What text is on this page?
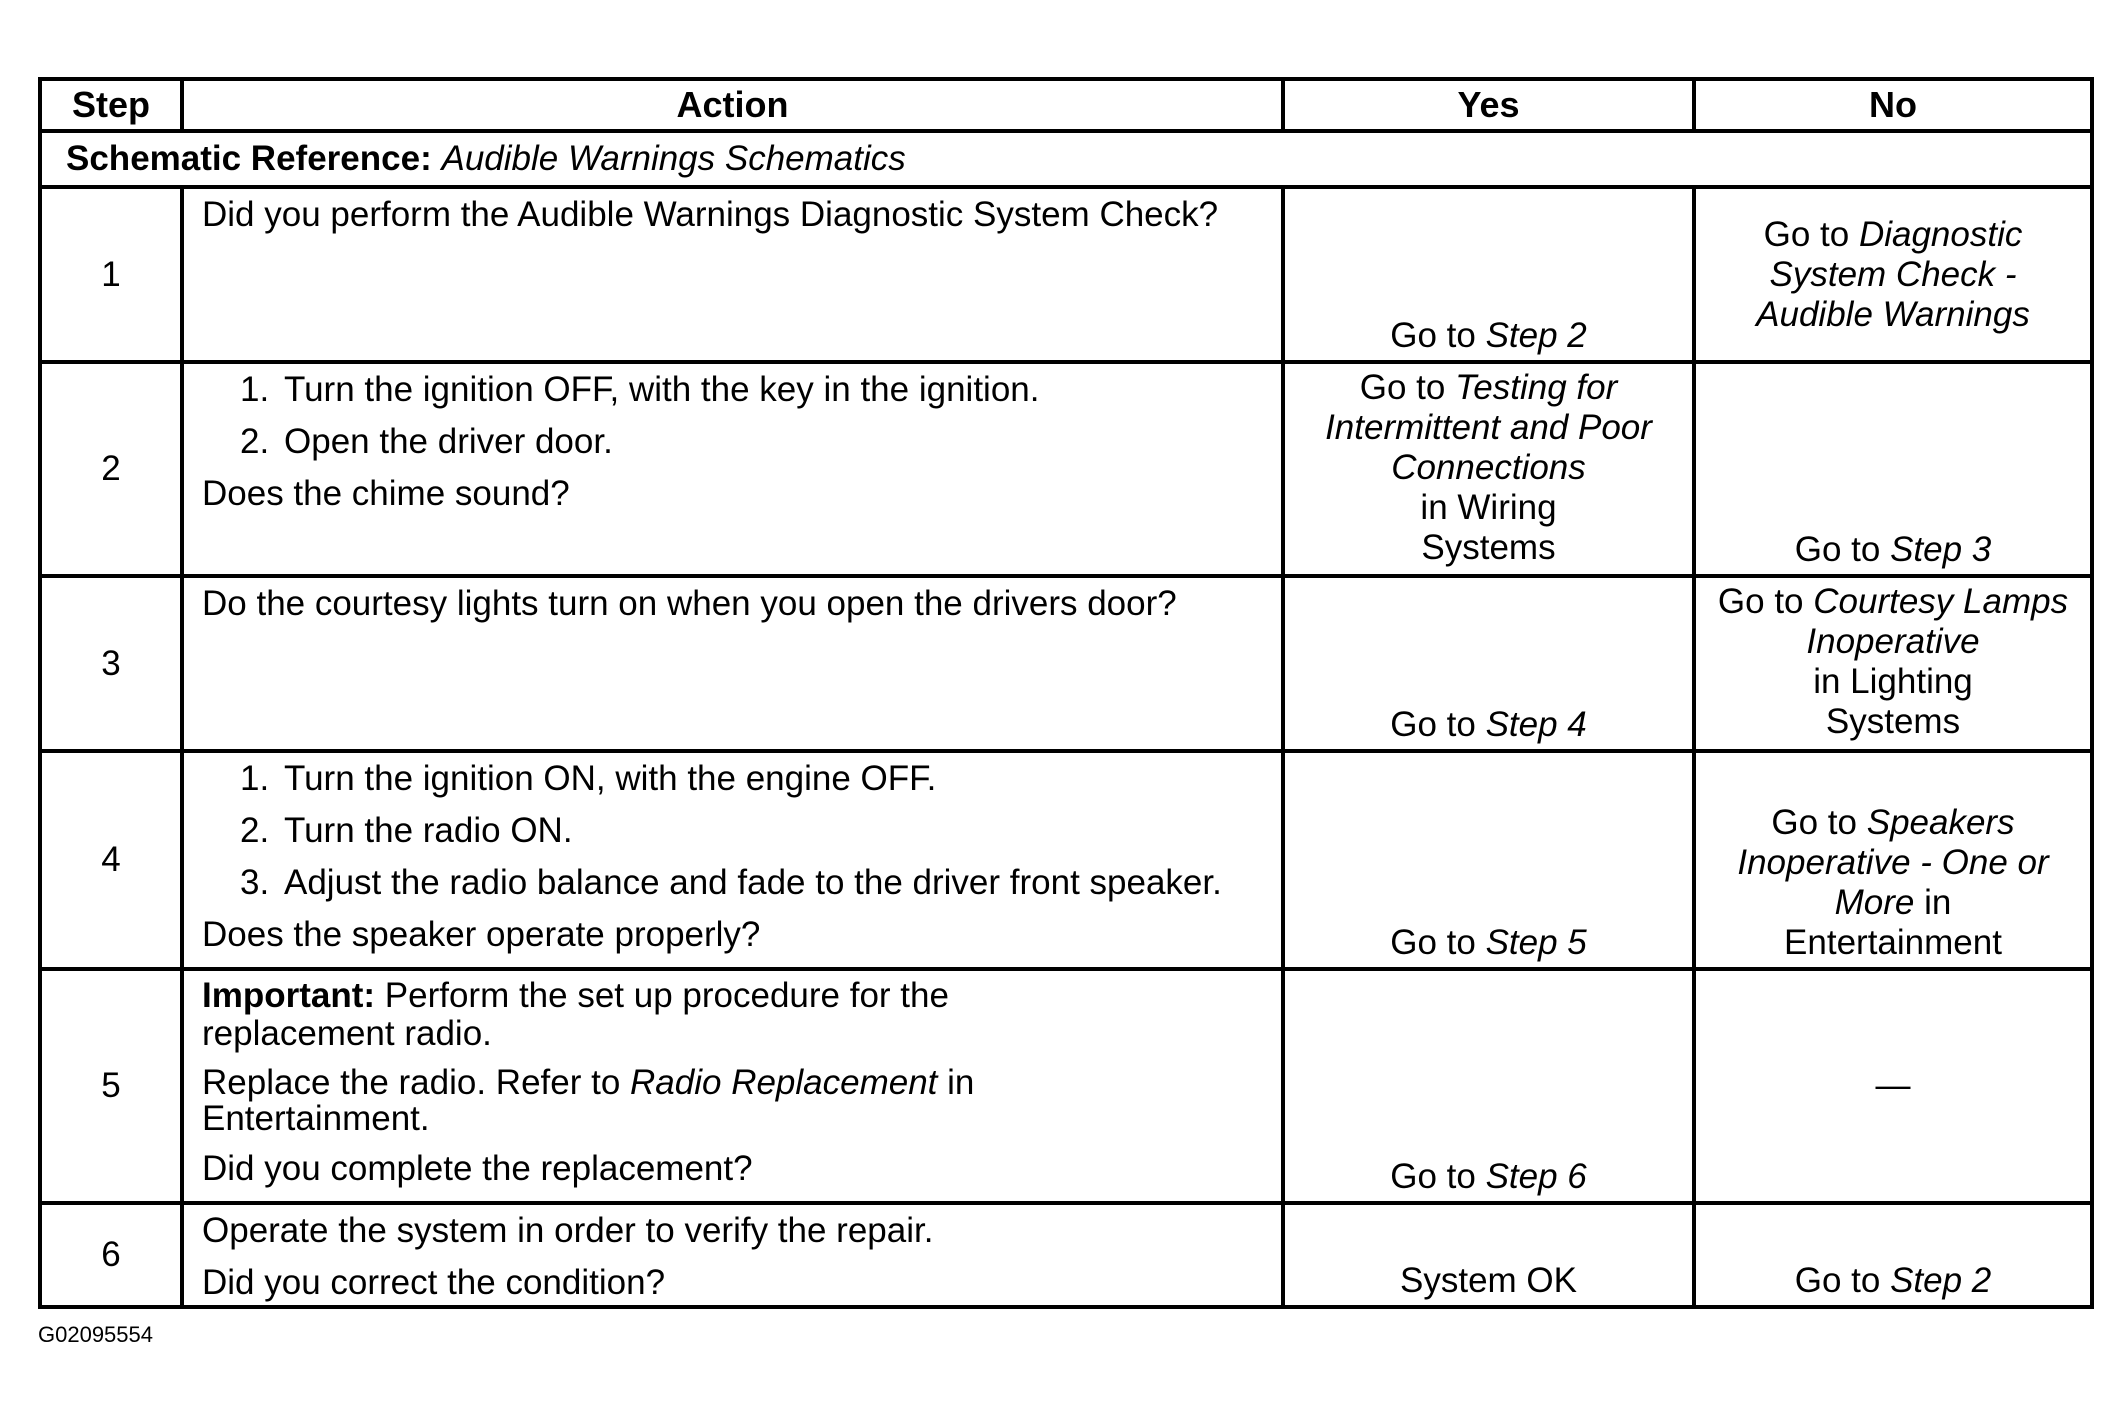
Step	Action	Yes	No
Schematic Reference: Audible Warnings Schematics			
1	Did you perform the Audible Warnings Diagnostic System Check?	Go to Step 2	Go to Diagnostic
System Check -
Audible Warnings

2	1. Turn the ignition OFF, with the key in the ignition.
2. Open the driver door.
Does the chime sound?	Go to Testing for
Intermittent and Poor
Connections
in Wiring
Systems	Go to Step 3

3	Do the courtesy lights turn on when you open the drivers door?	Go to Step 4	Go to Courtesy Lamps
Inoperative
in Lighting
Systems

4	1. Turn the ignition ON, with the engine OFF.
2. Turn the radio ON.
3. Adjust the radio balance and fade to the driver front speaker.
Does the speaker operate properly?	Go to Step 5	Go to Speakers
Inoperative - One or
More in
Entertainment

5	Important: Perform the set up procedure for the
replacement radio.
Replace the radio. Refer to Radio Replacement in
Entertainment.
Did you complete the replacement?	Go to Step 6	—

6	Operate the system in order to verify the repair.
Did you correct the condition?	System OK	Go to Step 2
G02095554
